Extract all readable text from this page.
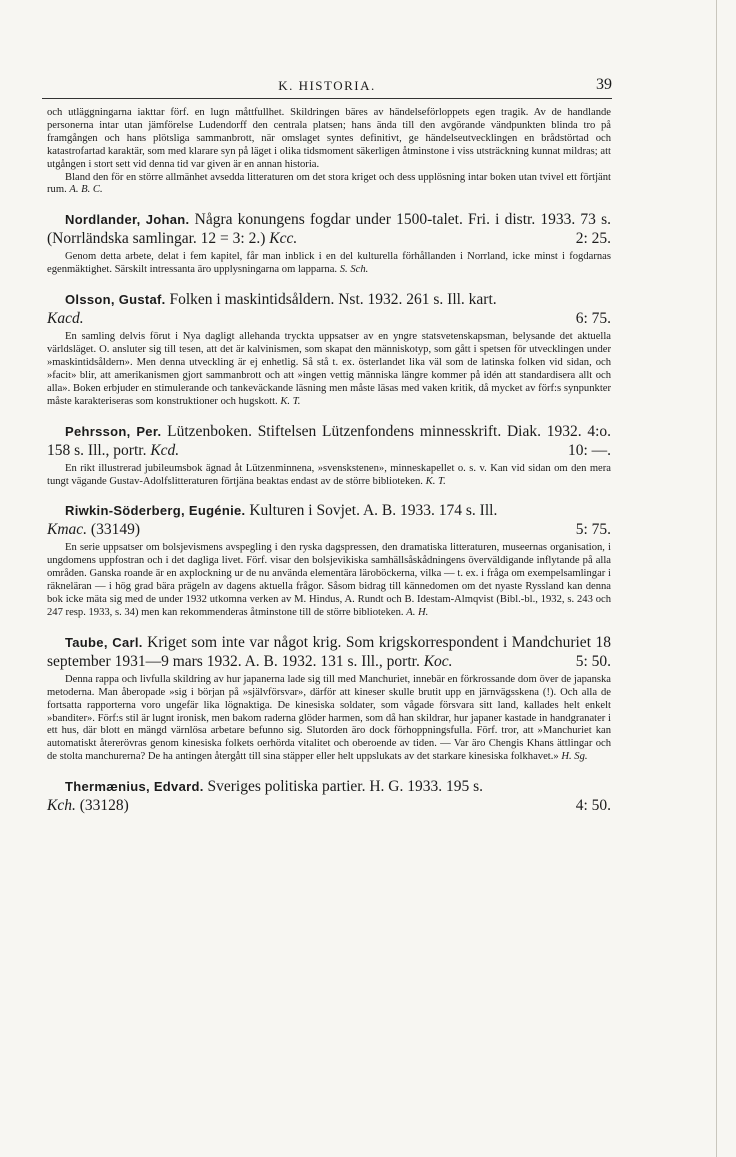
K. HISTORIA.	39

och utläggningarna iakttar förf. en lugn måttfullhet. Skildringen bäres av händelseförloppets egen tragik. Av de handlande personerna intar utan jämförelse Ludendorff den centrala platsen; hans ända till den avgörande vändpunkten blinda tro på framgången och hans plötsliga sammanbrott, när omslaget syntes definitivt, ge händelseutvecklingen en brådstörtad och katastrofartad karaktär, som med klarare syn på läget i olika tidsmoment säkerligen åtminstone i viss utsträckning kunnat mildras; att utgången i stort sett vid denna tid var given är en annan historia.

Bland den för en större allmänhet avsedda litteraturen om det stora kriget och dess upplösning intar boken utan tvivel ett förtjänt rum. A. B. C.

Nordlander, Johan. Några konungens fogdar under 1500-talet. Fri. i distr. 1933. 73 s. (Norrländska samlingar. 12 = 3: 2.) Kcc.	2: 25.

Genom detta arbete, delat i fem kapitel, får man inblick i en del kulturella förhållanden i Norrland, icke minst i fogdarnas egenmäktighet. Särskilt intressanta äro upplysningarna om lapparna. S. Sch.

Olsson, Gustaf. Folken i maskintidsåldern. Nst. 1932. 261 s. Ill. kart.
Kacd.	6: 75.

En samling delvis förut i Nya dagligt allehanda tryckta uppsatser av en yngre statsvetenskapsman, belysande det aktuella världsläget. O. ansluter sig till tesen, att det är kalvinismen, som skapat den människotyp, som gått i spetsen för utvecklingen under »maskintidsåldern». Men denna utveckling är ej enhetlig. Så stå t. ex. österlandet lika väl som de latinska folken vid sidan, och »facit» blir, att amerikanismen gjort sammanbrott och att »ingen vettig människa längre kommer på idén att standardisera allt och alla». Boken erbjuder en stimulerande och tankeväckande läsning men måste läsas med vaken kritik, då mycket av förf:s synpunkter måste karakteriseras som konstruktioner och hugskott. K. T.

Pehrsson, Per. Lützenboken. Stiftelsen Lützenfondens minnesskrift. Diak. 1932. 4:o. 158 s. Ill., portr. Kcd.	10: —.

En rikt illustrerad jubileumsbok ägnad åt Lützenminnena, »svenskstenen», minneskapellet o. s. v. Kan vid sidan om den mera tungt vägande Gustav-Adolfslitteraturen förtjäna beaktas endast av de större biblioteken. K. T.

Riwkin-Söderberg, Eugénie. Kulturen i Sovjet. A. B. 1933. 174 s. Ill.
Kmac. (33149)	5: 75.

En serie uppsatser om bolsjevismens avspegling i den ryska dagspressen, den dramatiska litteraturen, museernas organisation, i ungdomens uppfostran och i det dagliga livet. Förf. visar den bolsjevikiska samhällsåskådningens överväldigande inflytande på alla områden. Ganska roande är en axplockning ur de nu använda elementära läroböckerna, vilka — t. ex. i fråga om exempelsamlingar i räkneläran — i hög grad bära prägeln av dagens aktuella frågor. Såsom bidrag till kännedomen om det nyaste Ryssland kan denna bok icke mäta sig med de under 1932 utkomna verken av M. Hindus, A. Rundt och B. Idestam-Almqvist (Bibl.-bl., 1932, s. 243 och 247 resp. 1933, s. 34) men kan rekommenderas åtminstone till de större biblioteken. A. H.

Taube, Carl. Kriget som inte var något krig. Som krigskorrespondent i Mandchuriet 18 september 1931—9 mars 1932. A. B. 1932. 131 s. Ill., portr. Koc.	5: 50.

Denna rappa och livfulla skildring av hur japanerna lade sig till med Manchuriet, innebär en förkrossande dom över de japanska metoderna. Man åberopade »sig i början på »självförsvar», därför att kineser skulle brutit upp en järnvägsskena (!). Och alla de fortsatta rapporterna voro ungefär lika lögnaktiga. De kinesiska soldater, som vågade försvara sitt land, kallades helt enkelt »banditer». Förf:s stil är lugnt ironisk, men bakom raderna glöder harmen, som då han skildrar, hur japaner kastade in handgranater i ett hus, där blott en mängd värnlösa arbetare befunno sig. Slutorden äro dock förhoppningsfulla. Förf. tror, att »Manchuriet kan automatiskt återerövras genom kinesiska folkets oerhörda vitalitet och oberoende av tiden. — Var äro Chengis Khans ättlingar och de stolta manchurerna? De ha antingen återgått till sina stäpper eller helt uppslukats av det starkare kinesiska folkhavet.» H. Sg.

Thermænius, Edvard. Sveriges politiska partier. H. G. 1933. 195 s.
Kch. (33128)	4: 50.
